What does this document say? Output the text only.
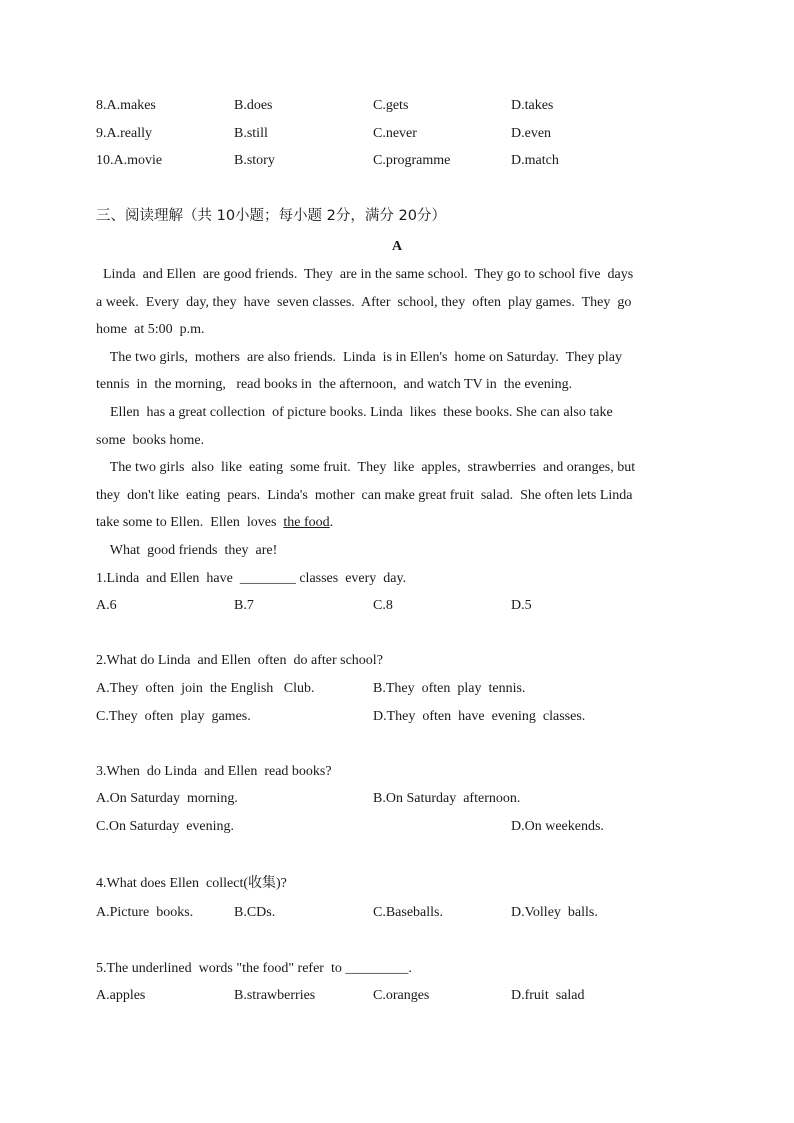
8.A.makes	B.does	C.gets	D.takes
9.A.really	B.still	C.never	D.even
10.A.movie	B.story	C.programme	D.match
三、阅读理解（共 10小题；每小题 2分，满分 20分）
A
Linda  and Ellen  are good friends.  They  are in the same school.  They go to school five  days
a week.  Every  day, they  have  seven classes.  After  school, they  often  play games.  They  go
home  at 5:00  p.m.
The two girls,  mothers  are also friends.  Linda  is in Ellen's  home on Saturday.  They play
tennis  in  the morning,   read books in  the afternoon,  and watch TV in  the evening.
Ellen  has a great collection  of picture books. Linda  likes  these books. She can also take
some  books home.
The two girls  also  like  eating  some fruit.  They  like  apples,  strawberries  and oranges, but
they  don't like  eating  pears.  Linda's  mother  can make great fruit  salad.  She often lets Linda
take some to Ellen.  Ellen  loves  the food.
What  good friends  they  are!
1.Linda  and Ellen  have  ________ classes  every  day.
A.6	B.7	C.8	D.5
2.What do Linda  and Ellen  often  do after school?
A.They  often  join  the English   Club.	B.They  often  play  tennis.
C.They  often  play  games.	D.They  often  have  evening  classes.
3.When  do Linda  and Ellen  read books?
A.On Saturday  morning.	B.On Saturday  afternoon.
C.On Saturday  evening.	D.On weekends.
4.What does Ellen  collect(收集)?
A.Picture  books.	B.CDs.	C.Baseballs.	D.Volley  balls.
5.The underlined  words "the food" refer  to _________.
A.apples	B.strawberries	C.oranges	D.fruit  salad
